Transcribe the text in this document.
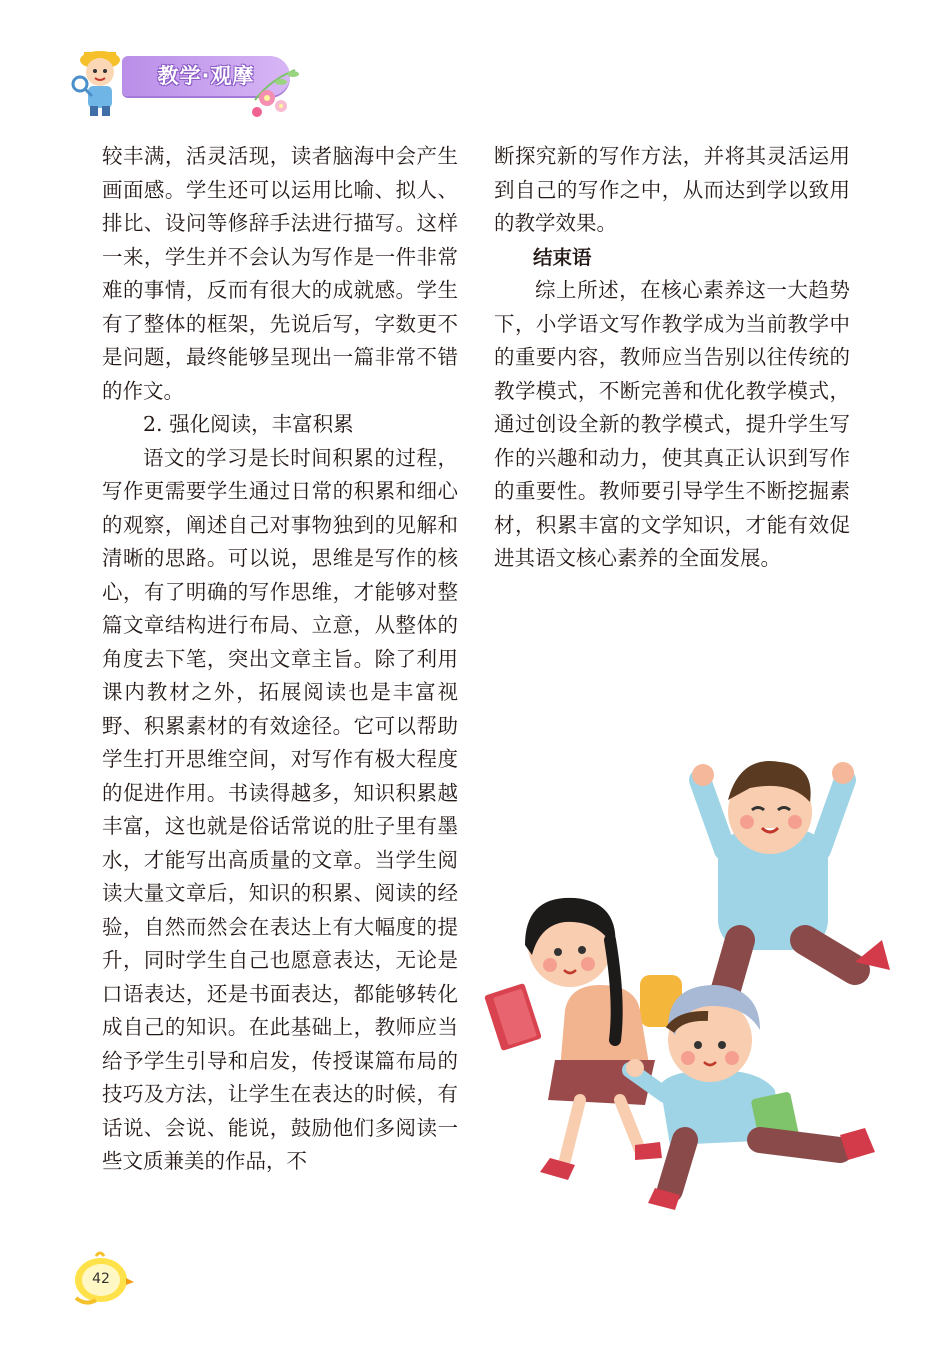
教学·观摩

较丰满，活灵活现，读者脑海中会产生画面感。学生还可以运用比喻、拟人、排比、设问等修辞手法进行描写。这样一来，学生并不会认为写作是一件非常难的事情，反而有很大的成就感。学生有了整体的框架，先说后写，字数更不是问题，最终能够呈现出一篇非常不错的作文。

2. 强化阅读，丰富积累

语文的学习是长时间积累的过程，写作更需要学生通过日常的积累和细心的观察，阐述自己对事物独到的见解和清晰的思路。可以说，思维是写作的核心，有了明确的写作思维，才能够对整篇文章结构进行布局、立意，从整体的角度去下笔，突出文章主旨。除了利用课内教材之外，拓展阅读也是丰富视野、积累素材的有效途径。它可以帮助学生打开思维空间，对写作有极大程度的促进作用。书读得越多，知识积累越丰富，这也就是俗话常说的肚子里有墨水，才能写出高质量的文章。当学生阅读大量文章后，知识的积累、阅读的经验，自然而然会在表达上有大幅度的提升，同时学生自己也愿意表达，无论是口语表达，还是书面表达，都能够转化成自己的知识。在此基础上，教师应当给予学生引导和启发，传授谋篇布局的技巧及方法，让学生在表达的时候，有话说、会说、能说，鼓励他们多阅读一些文质兼美的作品，不

断探究新的写作方法，并将其灵活运用到自己的写作之中，从而达到学以致用的教学效果。

结束语

综上所述，在核心素养这一大趋势下，小学语文写作教学成为当前教学中的重要内容，教师应当告别以往传统的教学模式，不断完善和优化教学模式，通过创设全新的教学模式，提升学生写作的兴趣和动力，使其真正认识到写作的重要性。教师要引导学生不断挖掘素材，积累丰富的文学知识，才能有效促进其语文核心素养的全面发展。

42
